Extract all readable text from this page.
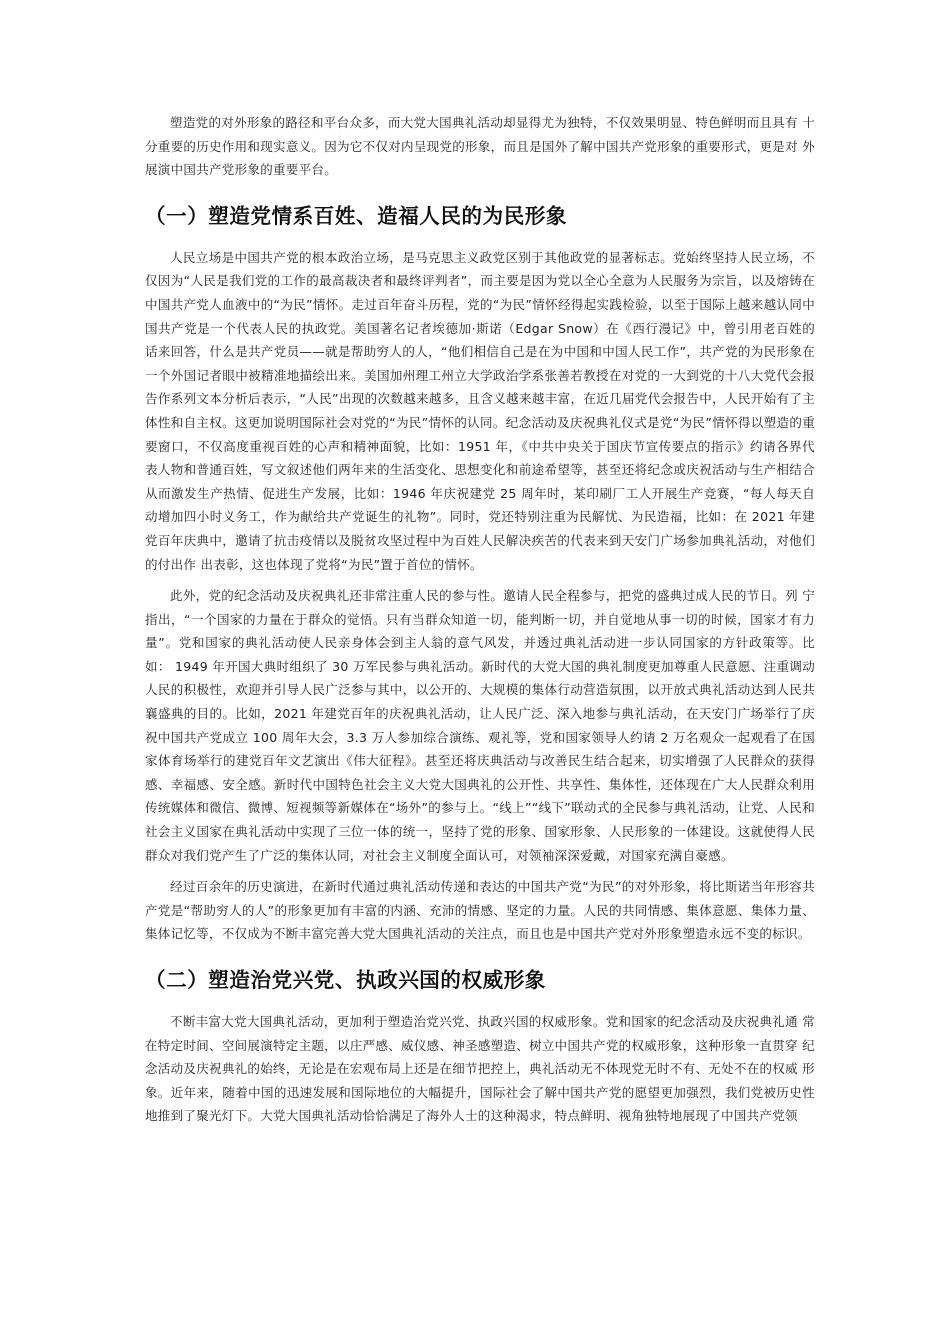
塑造党的对外形象的路径和平台众多，而大党大国典礼活动却显得尤为独特，不仅效果明显、特色鲜明而且具有 十分重要的历史作用和现实意义。因为它不仅对内呈现党的形象，而且是国外了解中国共产党形象的重要形式，更是对 外展演中国共产党形象的重要平台。

（一）塑造党情系百姓、造福人民的为民形象

人民立场是中国共产党的根本政治立场，是马克思主义政党区别于其他政党的显著标志。党始终坚持人民立场，不仅因为“人民是我们党的工作的最高裁决者和最终评判者”，而主要是因为党以全心全意为人民服务为宗旨，以及熔铸在中国共产党人血液中的“为民”情怀。走过百年奋斗历程，党的“为民”情怀经得起实践检验，以至于国际上越来越认同中国共产党是一个代表人民的执政党。美国著名记者埃德加·斯诺（Edgar Snow）在《西行漫记》中，曾引用老百姓的话来回答，什么是共产党员——就是帮助穷人的人，“他们相信自己是在为中国和中国人民工作”，共产党的为民形象在一个外国记者眼中被精准地描绘出来。美国加州理工州立大学政治学系张善若教授在对党的一大到党的十八大党代会报告作系列文本分析后表示，“人民”出现的次数越来越多，且含义越来越丰富，在近几届党代会报告中，人民开始有了主体性和自主权。这更加说明国际社会对党的“为民”情怀的认同。纪念活动及庆祝典礼仪式是党“为民”情怀得以塑造的重要窗口，不仅高度重视百姓的心声和精神面貌，比如：1951 年，《中共中央关于国庆节宣传要点的指示》约请各界代表人物和普通百姓，写文叙述他们两年来的生活变化、思想变化和前途希望等，甚至还将纪念或庆祝活动与生产相结合从而激发生产热情、促进生产发展，比如：1946 年庆祝建党 25 周年时，某印刷厂工人开展生产竞赛，“每人每天自动增加四小时义务工，作为献给共产党诞生的礼物”。同时，党还特别注重为民解忧、为民造福，比如：在 2021 年建党百年庆典中，邀请了抗击疫情以及脱贫攻坚过程中为百姓人民解决疾苦的代表来到天安门广场参加典礼活动，对他们的付出作 出表彰，这也体现了党将“为民”置于首位的情怀。

此外，党的纪念活动及庆祝典礼还非常注重人民的参与性。邀请人民全程参与，把党的盛典过成人民的节日。列 宁指出，“一个国家的力量在于群众的觉悟。只有当群众知道一切，能判断一切，并自觉地从事一切的时候，国家才有力量”。党和国家的典礼活动使人民亲身体会到主人翁的意气风发，并透过典礼活动进一步认同国家的方针政策等。比如： 1949 年开国大典时组织了 30 万军民参与典礼活动。新时代的大党大国的典礼制度更加尊重人民意愿、注重调动人民的积极性，欢迎并引导人民广泛参与其中，以公开的、大规模的集体行动营造氛围，以开放式典礼活动达到人民共襄盛典的目的。比如，2021 年建党百年的庆祝典礼活动，让人民广泛、深入地参与典礼活动，在天安门广场举行了庆祝中国共产党成立 100 周年大会，3.3 万人参加综合演练、观礼等，党和国家领导人约请 2 万名观众一起观看了在国家体育场举行的建党百年文艺演出《伟大征程》。甚至还将庆典活动与改善民生结合起来，切实增强了人民群众的获得感、幸福感、安全感。新时代中国特色社会主义大党大国典礼的公开性、共享性、集体性，还体现在广大人民群众利用传统媒体和微信、微博、短视频等新媒体在“场外”的参与上。“线上”“线下”联动式的全民参与典礼活动，让党、人民和社会主义国家在典礼活动中实现了三位一体的统一，坚持了党的形象、国家形象、人民形象的一体建设。这就使得人民群众对我们党产生了广泛的集体认同，对社会主义制度全面认可，对领袖深深爱戴，对国家充满自豪感。

经过百余年的历史演进，在新时代通过典礼活动传递和表达的中国共产党“为民”的对外形象，将比斯诺当年形容共产党是“帮助穷人的人”的形象更加有丰富的内涵、充沛的情感、坚定的力量。人民的共同情感、集体意愿、集体力量、集体记忆等，不仅成为不断丰富完善大党大国典礼活动的关注点，而且也是中国共产党对外形象塑造永远不变的标识。

（二）塑造治党兴党、执政兴国的权威形象

不断丰富大党大国典礼活动，更加利于塑造治党兴党、执政兴国的权威形象。党和国家的纪念活动及庆祝典礼通 常在特定时间、空间展演特定主题，以庄严感、威仪感、神圣感塑造、树立中国共产党的权威形象，这种形象一直贯穿 纪念活动及庆祝典礼的始终，无论是在宏观布局上还是在细节把控上，典礼活动无不体现党无时不有、无处不在的权威 形象。近年来，随着中国的迅速发展和国际地位的大幅提升，国际社会了解中国共产党的愿望更加强烈，我们党被历史性地推到了聚光灯下。大党大国典礼活动恰恰满足了海外人士的这种渴求，特点鲜明、视角独特地展现了中国共产党领
